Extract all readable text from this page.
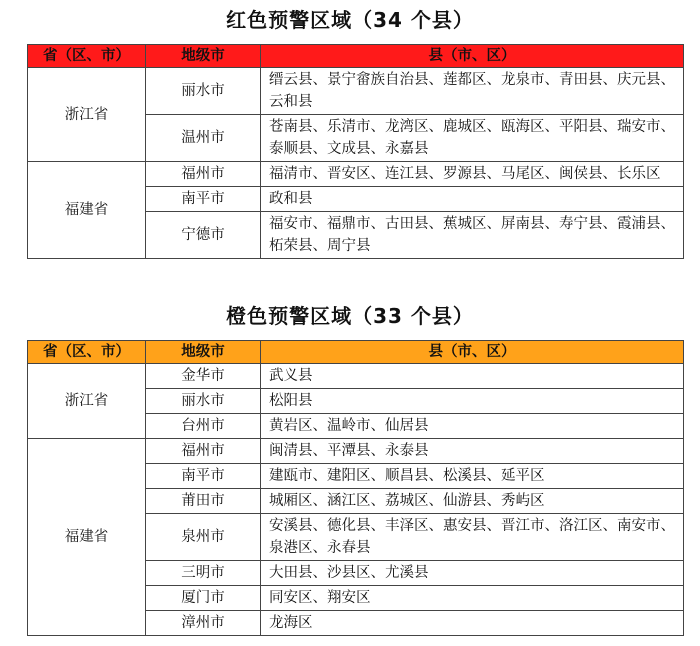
红色预警区域（34 个县）
省（区、市）	地级市	县（市、区）
浙江省	丽水市	缙云县、景宁畲族自治县、莲都区、龙泉市、青田县、庆元县、云和县
	温州市	苍南县、乐清市、龙湾区、鹿城区、瓯海区、平阳县、瑞安市、泰顺县、文成县、永嘉县
福建省	福州市	福清市、晋安区、连江县、罗源县、马尾区、闽侯县、长乐区
	南平市	政和县
	宁德市	福安市、福鼎市、古田县、蕉城区、屏南县、寿宁县、霞浦县、柘荣县、周宁县
橙色预警区域（33 个县）
省（区、市）	地级市	县（市、区）
浙江省	金华市	武义县
	丽水市	松阳县
	台州市	黄岩区、温岭市、仙居县
福建省	福州市	闽清县、平潭县、永泰县
	南平市	建瓯市、建阳区、顺昌县、松溪县、延平区
	莆田市	城厢区、涵江区、荔城区、仙游县、秀屿区
	泉州市	安溪县、德化县、丰泽区、惠安县、晋江市、洛江区、南安市、泉港区、永春县
	三明市	大田县、沙县区、尤溪县
	厦门市	同安区、翔安区
	漳州市	龙海区
